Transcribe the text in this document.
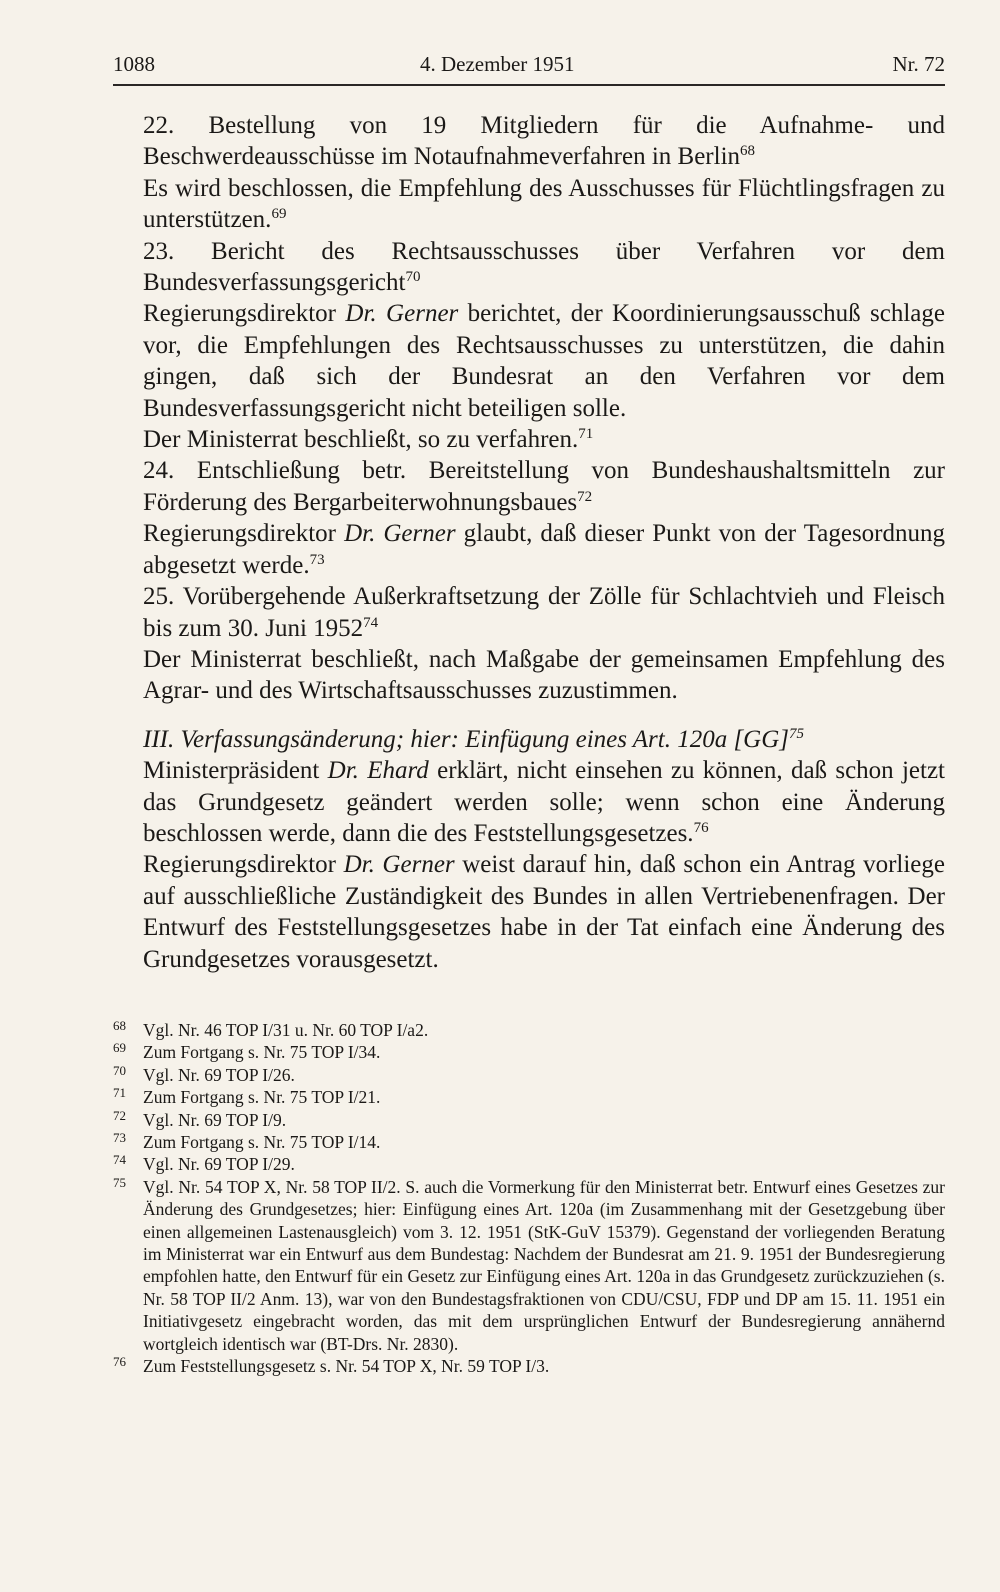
1088	4. Dezember 1951	Nr. 72

22. Bestellung von 19 Mitgliedern für die Aufnahme- und Beschwerdeausschüsse im Notaufnahmeverfahren in Berlin$^{68}$

Es wird beschlossen, die Empfehlung des Ausschusses für Flüchtlingsfragen zu unterstützen.$^{69}$

23. Bericht des Rechtsausschusses über Verfahren vor dem Bundesverfassungsgericht$^{70}$

Regierungsdirektor Dr. Gerner berichtet, der Koordinierungsausschuß schlage vor, die Empfehlungen des Rechtsausschusses zu unterstützen, die dahin gingen, daß sich der Bundesrat an den Verfahren vor dem Bundesverfassungsgericht nicht beteiligen solle.

Der Ministerrat beschließt, so zu verfahren.$^{71}$

24. Entschließung betr. Bereitstellung von Bundeshaushaltsmitteln zur Förderung des Bergarbeiterwohnungsbaues$^{72}$

Regierungsdirektor Dr. Gerner glaubt, daß dieser Punkt von der Tagesordnung abgesetzt werde.$^{73}$

25. Vorübergehende Außerkraftsetzung der Zölle für Schlachtvieh und Fleisch bis zum 30. Juni 1952$^{74}$

Der Ministerrat beschließt, nach Maßgabe der gemeinsamen Empfehlung des Agrar- und des Wirtschaftsausschusses zuzustimmen.

III. Verfassungsänderung; hier: Einfügung eines Art. 120a [GG]$^{75}$

Ministerpräsident Dr. Ehard erklärt, nicht einsehen zu können, daß schon jetzt das Grundgesetz geändert werden solle; wenn schon eine Änderung beschlossen werde, dann die des Feststellungsgesetzes.$^{76}$

Regierungsdirektor Dr. Gerner weist darauf hin, daß schon ein Antrag vorliege auf ausschließliche Zuständigkeit des Bundes in allen Vertriebenenfragen. Der Entwurf des Feststellungsgesetzes habe in der Tat einfach eine Änderung des Grundgesetzes vorausgesetzt.

68 Vgl. Nr. 46 TOP I/31 u. Nr. 60 TOP I/a2.
69 Zum Fortgang s. Nr. 75 TOP I/34.
70 Vgl. Nr. 69 TOP I/26.
71 Zum Fortgang s. Nr. 75 TOP I/21.
72 Vgl. Nr. 69 TOP I/9.
73 Zum Fortgang s. Nr. 75 TOP I/14.
74 Vgl. Nr. 69 TOP I/29.
75 Vgl. Nr. 54 TOP X, Nr. 58 TOP II/2. S. auch die Vormerkung für den Ministerrat betr. Entwurf eines Gesetzes zur Änderung des Grundgesetzes; hier: Einfügung eines Art. 120a (im Zusammenhang mit der Gesetzgebung über einen allgemeinen Lastenausgleich) vom 3. 12. 1951 (StK-GuV 15379). Gegenstand der vorliegenden Beratung im Ministerrat war ein Entwurf aus dem Bundestag: Nachdem der Bundesrat am 21. 9. 1951 der Bundesregierung empfohlen hatte, den Entwurf für ein Gesetz zur Einfügung eines Art. 120a in das Grundgesetz zurückzuziehen (s. Nr. 58 TOP II/2 Anm. 13), war von den Bundestagsfraktionen von CDU/CSU, FDP und DP am 15. 11. 1951 ein Initiativgesetz eingebracht worden, das mit dem ursprünglichen Entwurf der Bundesregierung annähernd wortgleich identisch war (BT-Drs. Nr. 2830).
76 Zum Feststellungsgesetz s. Nr. 54 TOP X, Nr. 59 TOP I/3.
